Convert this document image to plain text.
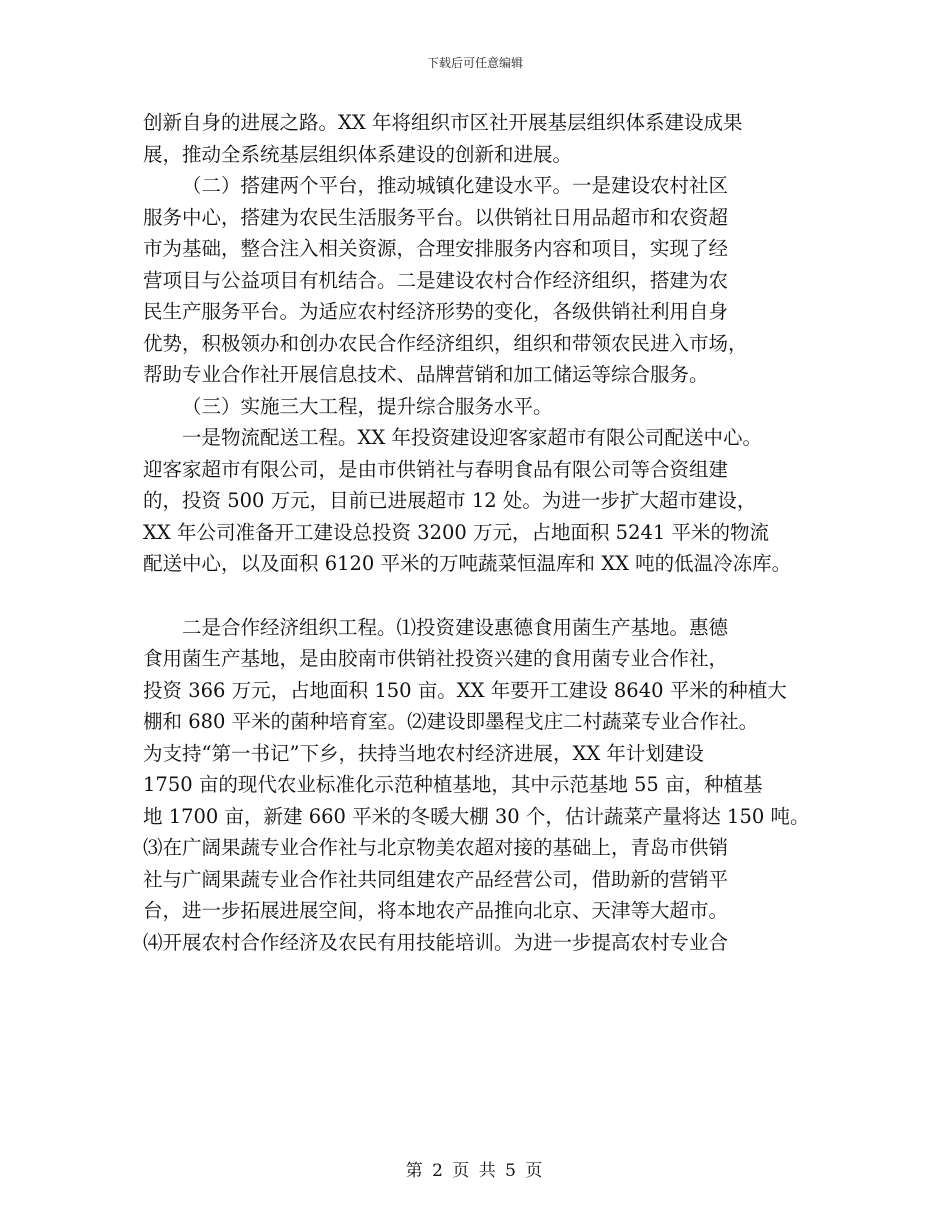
下载后可任意编辑
创新自身的进展之路。XX 年将组织市区社开展基层组织体系建设成果
展，推动全系统基层组织体系建设的创新和进展。
（二）搭建两个平台，推动城镇化建设水平。一是建设农村社区
服务中心，搭建为农民生活服务平台。以供销社日用品超市和农资超
市为基础，整合注入相关资源，合理安排服务内容和项目，实现了经
营项目与公益项目有机结合。二是建设农村合作经济组织，搭建为农
民生产服务平台。为适应农村经济形势的变化，各级供销社利用自身
优势，积极领办和创办农民合作经济组织，组织和带领农民进入市场，
帮助专业合作社开展信息技术、品牌营销和加工储运等综合服务。
（三）实施三大工程，提升综合服务水平。
一是物流配送工程。XX 年投资建设迎客家超市有限公司配送中心。
迎客家超市有限公司，是由市供销社与春明食品有限公司等合资组建
的，投资 500 万元，目前已进展超市 12 处。为进一步扩大超市建设，
XX 年公司准备开工建设总投资 3200 万元，占地面积 5241 平米的物流
配送中心，以及面积 6120 平米的万吨蔬菜恒温库和 XX 吨的低温冷冻库。
二是合作经济组织工程。⑴投资建设惠德食用菌生产基地。惠德
食用菌生产基地，是由胶南市供销社投资兴建的食用菌专业合作社，
投资 366 万元，占地面积 150 亩。XX 年要开工建设 8640 平米的种植大
棚和 680 平米的菌种培育室。⑵建设即墨程戈庄二村蔬菜专业合作社。
为支持“第一书记”下乡，扶持当地农村经济进展，XX 年计划建设
1750 亩的现代农业标准化示范种植基地，其中示范基地 55 亩，种植基
地 1700 亩，新建 660 平米的冬暖大棚 30 个，估计蔬菜产量将达 150 吨。
⑶在广阔果蔬专业合作社与北京物美农超对接的基础上，青岛市供销
社与广阔果蔬专业合作社共同组建农产品经营公司，借助新的营销平
台，进一步拓展进展空间，将本地农产品推向北京、天津等大超市。
⑷开展农村合作经济及农民有用技能培训。为进一步提高农村专业合
第 2 页 共 5 页
